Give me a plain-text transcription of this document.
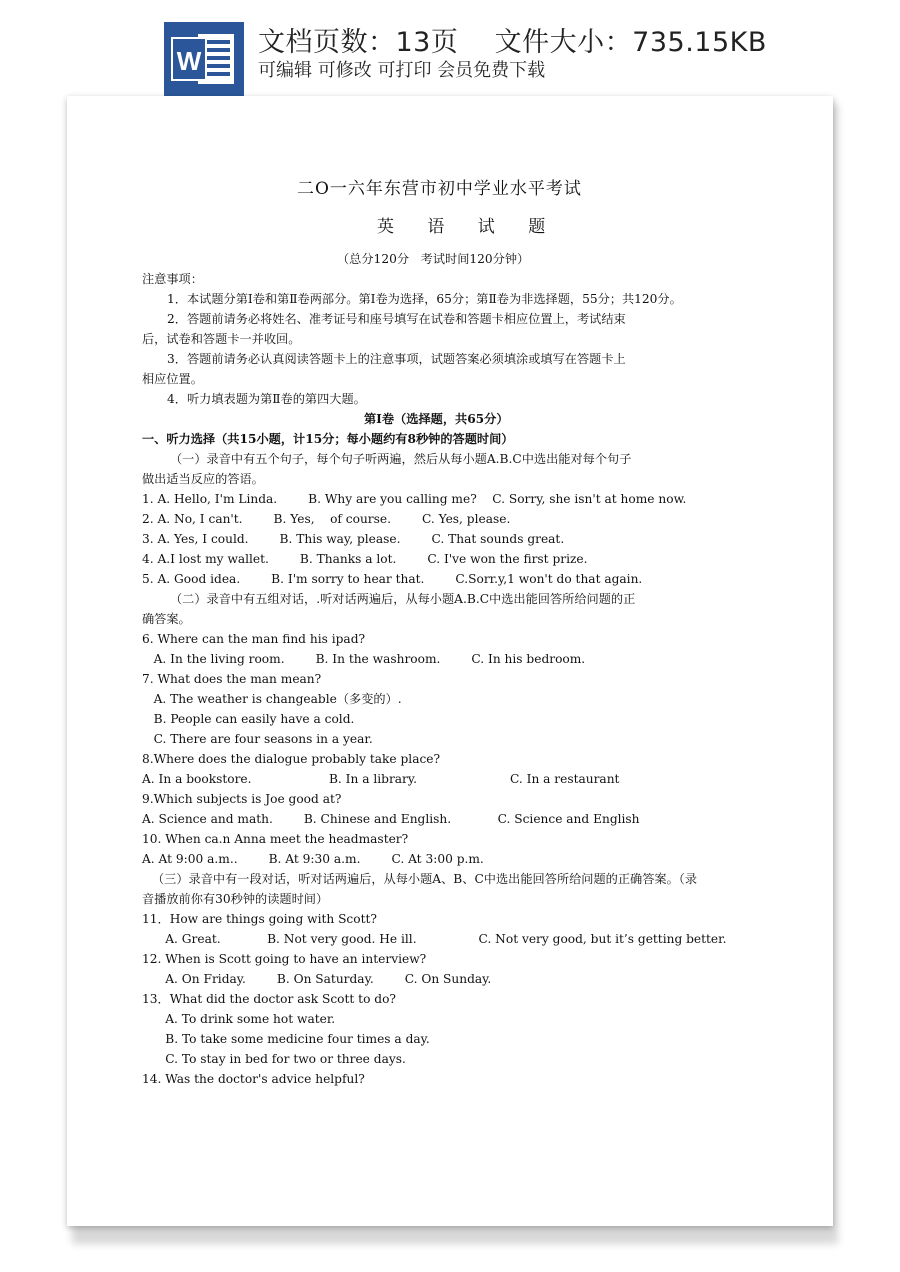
W
文档页数：13页    文件大小：735.15KB
可编辑 可修改 可打印 会员免费下载
二O一六年东营市初中学业水平考试
英 语 试 题
（总分120分   考试时间120分钟）
注意事项：
1．本试题分第Ⅰ卷和第Ⅱ卷两部分。第Ⅰ卷为选择，65分；第Ⅱ卷为非选择题，55分；共120分。
2．答题前请务必将姓名、准考证号和座号填写在试卷和答题卡相应位置上，考试结束
后，试卷和答题卡一并收回。
3．答题前请务必认真阅读答题卡上的注意事项，试题答案必须填涂或填写在答题卡上
相应位置。
4．听力填表题为第Ⅱ卷的第四大题。
第Ⅰ卷（选择题，共65分）
一、听力选择（共15小题，计15分；每小题约有8秒钟的答题时间）
（一）录音中有五个句子，每个句子听两遍，然后从每小题A.B.C中选出能对每个句子
做出适当反应的答语。
1. A. Hello, I'm Linda.        B. Why are you calling me?    C. Sorry, she isn't at home now.
2. A. No, I can't.        B. Yes,    of course.        C. Yes, please.
3. A. Yes, I could.        B. This way, please.        C. That sounds great.
4. A.I lost my wallet.        B. Thanks a lot.        C. I've won the first prize.
5. A. Good idea.        B. I'm sorry to hear that.        C.Sorr.y,1 won't do that again.
（二）录音中有五组对话，.听对话两遍后，从每小题A.B.C中选出能回答所给问题的正
确答案。
6. Where can the man find his ipad?
A. In the living room.        B. In the washroom.        C. In his bedroom.
7. What does the man mean?
A. The weather is changeable（多变的）.
B. People can easily have a cold.
C. There are four seasons in a year.
8.Where does the dialogue probably take place?
A. In a bookstore.                    B. In a library.                        C. In a restaurant
9.Which subjects is Joe good at?
A. Science and math.        B. Chinese and English.            C. Science and English
10. When ca.n Anna meet the headmaster?
A. At 9:00 a.m..        B. At 9:30 a.m.        C. At 3:00 p.m.
（三）录音中有一段对话，听对话两遍后，从每小题A、B、C中选出能回答所给问题的正确答案。（录
音播放前你有30秒钟的读题时间）
11．How are things going with Scott?
A. Great.            B. Not very good. He ill.                C. Not very good, but it’s getting better.
12. When is Scott going to have an interview?
A. On Friday.        B. On Saturday.        C. On Sunday.
13．What did the doctor ask Scott to do?
A. To drink some hot water.
B. To take some medicine four times a day.
C. To stay in bed for two or three days.
14. Was the doctor's advice helpful?
